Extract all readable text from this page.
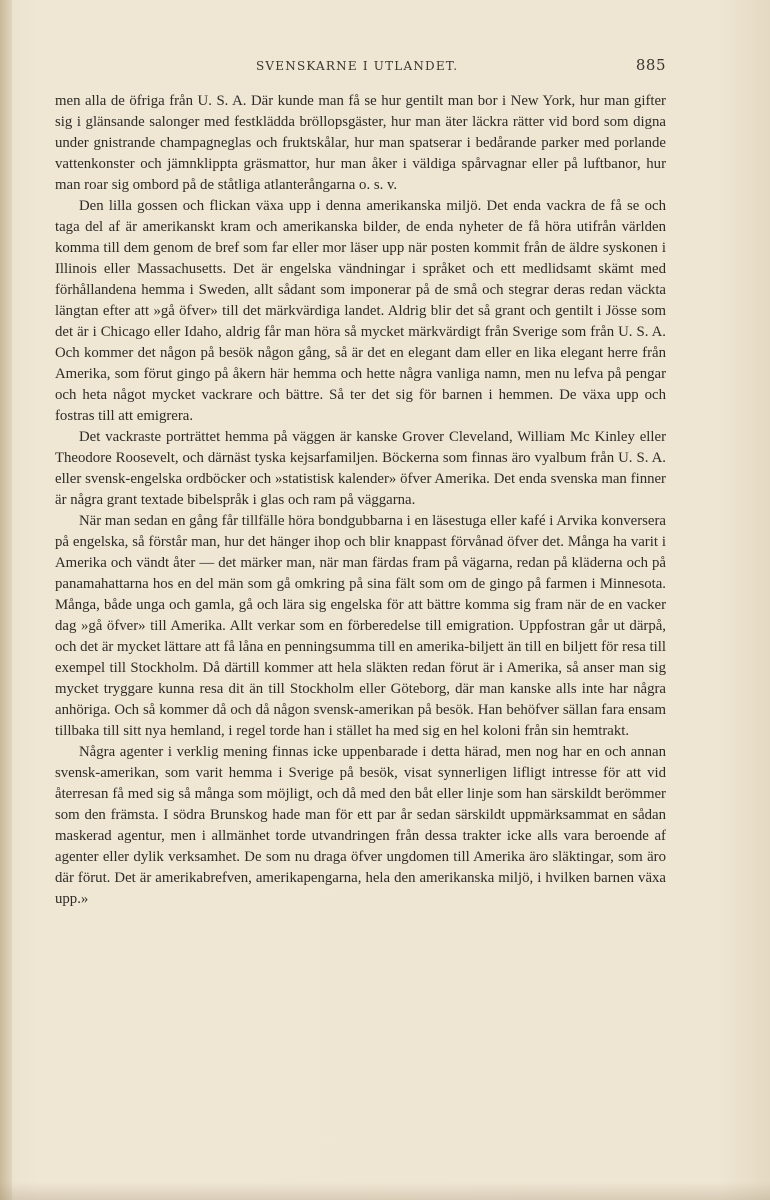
SVENSKARNE I UTLANDET.	885

men alla de öfriga från U. S. A. Där kunde man få se hur gentilt man bor i New York, hur man gifter sig i glänsande salonger med festklädda bröllopsgäster, hur man äter läckra rätter vid bord som digna under gnistrande champagneglas och fruktskålar, hur man spatserar i bedårande parker med porlande vattenkonster och jämnklippta gräsmattor, hur man åker i väldiga spårvagnar eller på luftbanor, hur man roar sig ombord på de ståtliga atlanterångarna o. s. v.

Den lilla gossen och flickan växa upp i denna amerikanska miljö. Det enda vackra de få se och taga del af är amerikanskt kram och amerikanska bilder, de enda nyheter de få höra utifrån världen komma till dem genom de bref som far eller mor läser upp när posten kommit från de äldre syskonen i Illinois eller Massachusetts. Det är engelska vändningar i språket och ett medlidsamt skämt med förhållandena hemma i Sweden, allt sådant som imponerar på de små och stegrar deras redan väckta längtan efter att »gå öfver» till det märkvärdiga landet. Aldrig blir det så grant och gentilt i Jösse som det är i Chicago eller Idaho, aldrig får man höra så mycket märkvärdigt från Sverige som från U. S. A. Och kommer det någon på besök någon gång, så är det en elegant dam eller en lika elegant herre från Amerika, som förut gingo på åkern här hemma och hette några vanliga namn, men nu lefva på pengar och heta något mycket vackrare och bättre. Så ter det sig för barnen i hemmen. De växa upp och fostras till att emigrera.

Det vackraste porträttet hemma på väggen är kanske Grover Cleveland, William Mc Kinley eller Theodore Roosevelt, och därnäst tyska kejsarfamiljen. Böckerna som finnas äro vyalbum från U. S. A. eller svensk-engelska ordböcker och »statistisk kalender» öfver Amerika. Det enda svenska man finner är några grant textade bibelspråk i glas och ram på väggarna.

När man sedan en gång får tillfälle höra bondgubbarna i en läsestuga eller kafé i Arvika konversera på engelska, så förstår man, hur det hänger ihop och blir knappast förvånad öfver det. Många ha varit i Amerika och vändt åter — det märker man, när man färdas fram på vägarna, redan på kläderna och på panamahattarna hos en del män som gå omkring på sina fält som om de gingo på farmen i Minnesota. Många, både unga och gamla, gå och lära sig engelska för att bättre komma sig fram när de en vacker dag »gå öfver» till Amerika. Allt verkar som en förberedelse till emigration. Uppfostran går ut därpå, och det är mycket lättare att få låna en penningsumma till en amerika-biljett än till en biljett för resa till exempel till Stockholm. Då därtill kommer att hela släkten redan förut är i Amerika, så anser man sig mycket tryggare kunna resa dit än till Stockholm eller Göteborg, där man kanske alls inte har några anhöriga. Och så kommer då och då någon svensk-amerikan på besök. Han behöfver sällan fara ensam tillbaka till sitt nya hemland, i regel torde han i stället ha med sig en hel koloni från sin hemtrakt.

Några agenter i verklig mening finnas icke uppenbarade i detta härad, men nog har en och annan svensk-amerikan, som varit hemma i Sverige på besök, visat synnerligen lifligt intresse för att vid återresan få med sig så många som möjligt, och då med den båt eller linje som han särskildt berömmer som den främsta. I södra Brunskog hade man för ett par år sedan särskildt uppmärksammat en sådan maskerad agentur, men i allmänhet torde utvandringen från dessa trakter icke alls vara beroende af agenter eller dylik verksamhet. De som nu draga öfver ungdomen till Amerika äro släktingar, som äro där förut. Det är amerikabrefven, amerikapengarna, hela den amerikanska miljö, i hvilken barnen växa upp.»
